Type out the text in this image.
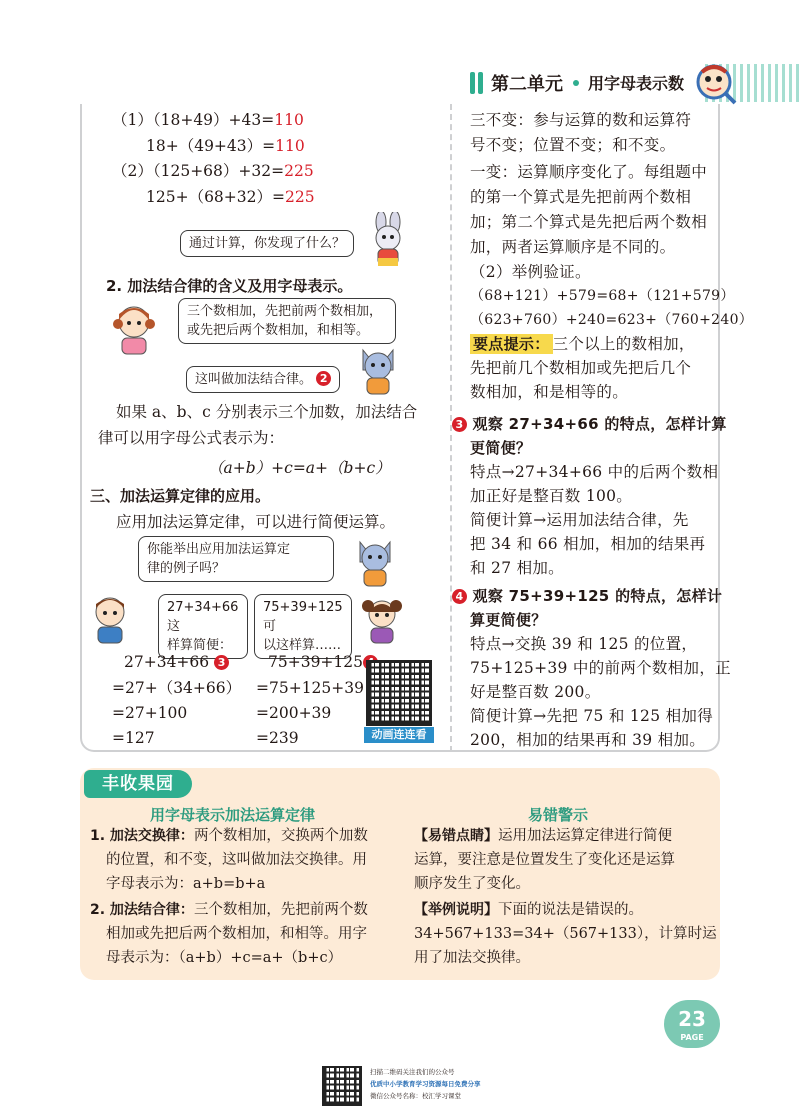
第二单元 用字母表示数
（1）（18+49）+43=110
18+（49+43）=110
（2）（125+68）+32=225
125+（68+32）=225
通过计算，你发现了什么？
2. 加法结合律的含义及用字母表示。
三个数相加，先把前两个数相加，
或先把后两个数相加，和相等。
这叫做加法结合律。 2
如果 a、b、c 分别表示三个加数，加法结合
律可以用字母公式表示为：
（a+b）+c=a+（b+c）
三、加法运算定律的应用。
应用加法运算定律，可以进行简便运算。
你能举出应用加法运算定
律的例子吗？
27+34+66 这
样算简便：
75+39+125 可
以这样算……
27+34+66 3
=27+（34+66）
=27+100
=127
75+39+125
=75+125+39
=200+39
=239	动画连连看
三不变：参与运算的数和运算符
号不变；位置不变；和不变。
一变：运算顺序变化了。每组题中
的第一个算式是先把前两个数相
加；第二个算式是先把后两个数相
加，两者运算顺序是不同的。
（2）举例验证。
（68+121）+579=68+（121+579）
（623+760）+240=623+（760+240）
要点提示： 三个以上的数相加，
先把前几个数相加或先把后几个
数相加，和是相等的。
3 观察 27+34+66 的特点，怎样计算
更简便？
特点→27+34+66 中的后两个数相
加正好是整百数 100。
简便计算→运用加法结合律，先
把 34 和 66 相加，相加的结果再
和 27 相加。
4 观察 75+39+125 的特点，怎样计
算更简便？
特点→交换 39 和 125 的位置，
75+125+39 中的前两个数相加，正
好是整百数 200。
简便计算→先把 75 和 125 相加得
200，相加的结果再和 39 相加。
丰收果园
用字母表示加法运算定律	易错警示
1. 加法交换律：两个数相加，交换两个加数
的位置，和不变，这叫做加法交换律。用
字母表示为：a+b=b+a
2. 加法结合律：三个数相加，先把前两个数
相加或先把后两个数相加，和相等。用字
母表示为：（a+b）+c=a+（b+c）
【易错点睛】运用加法运算定律进行简便
运算，要注意是位置发生了变化还是运算
顺序发生了变化。
【举例说明】下面的说法是错误的。
34+567+133=34+（567+133），计算时运
用了加法交换律。
23
PAGE
扫描二维码关注我们的公众号
优质中小学教育学习资源每日免费分享
微信公众号名称：校汇学习课堂
